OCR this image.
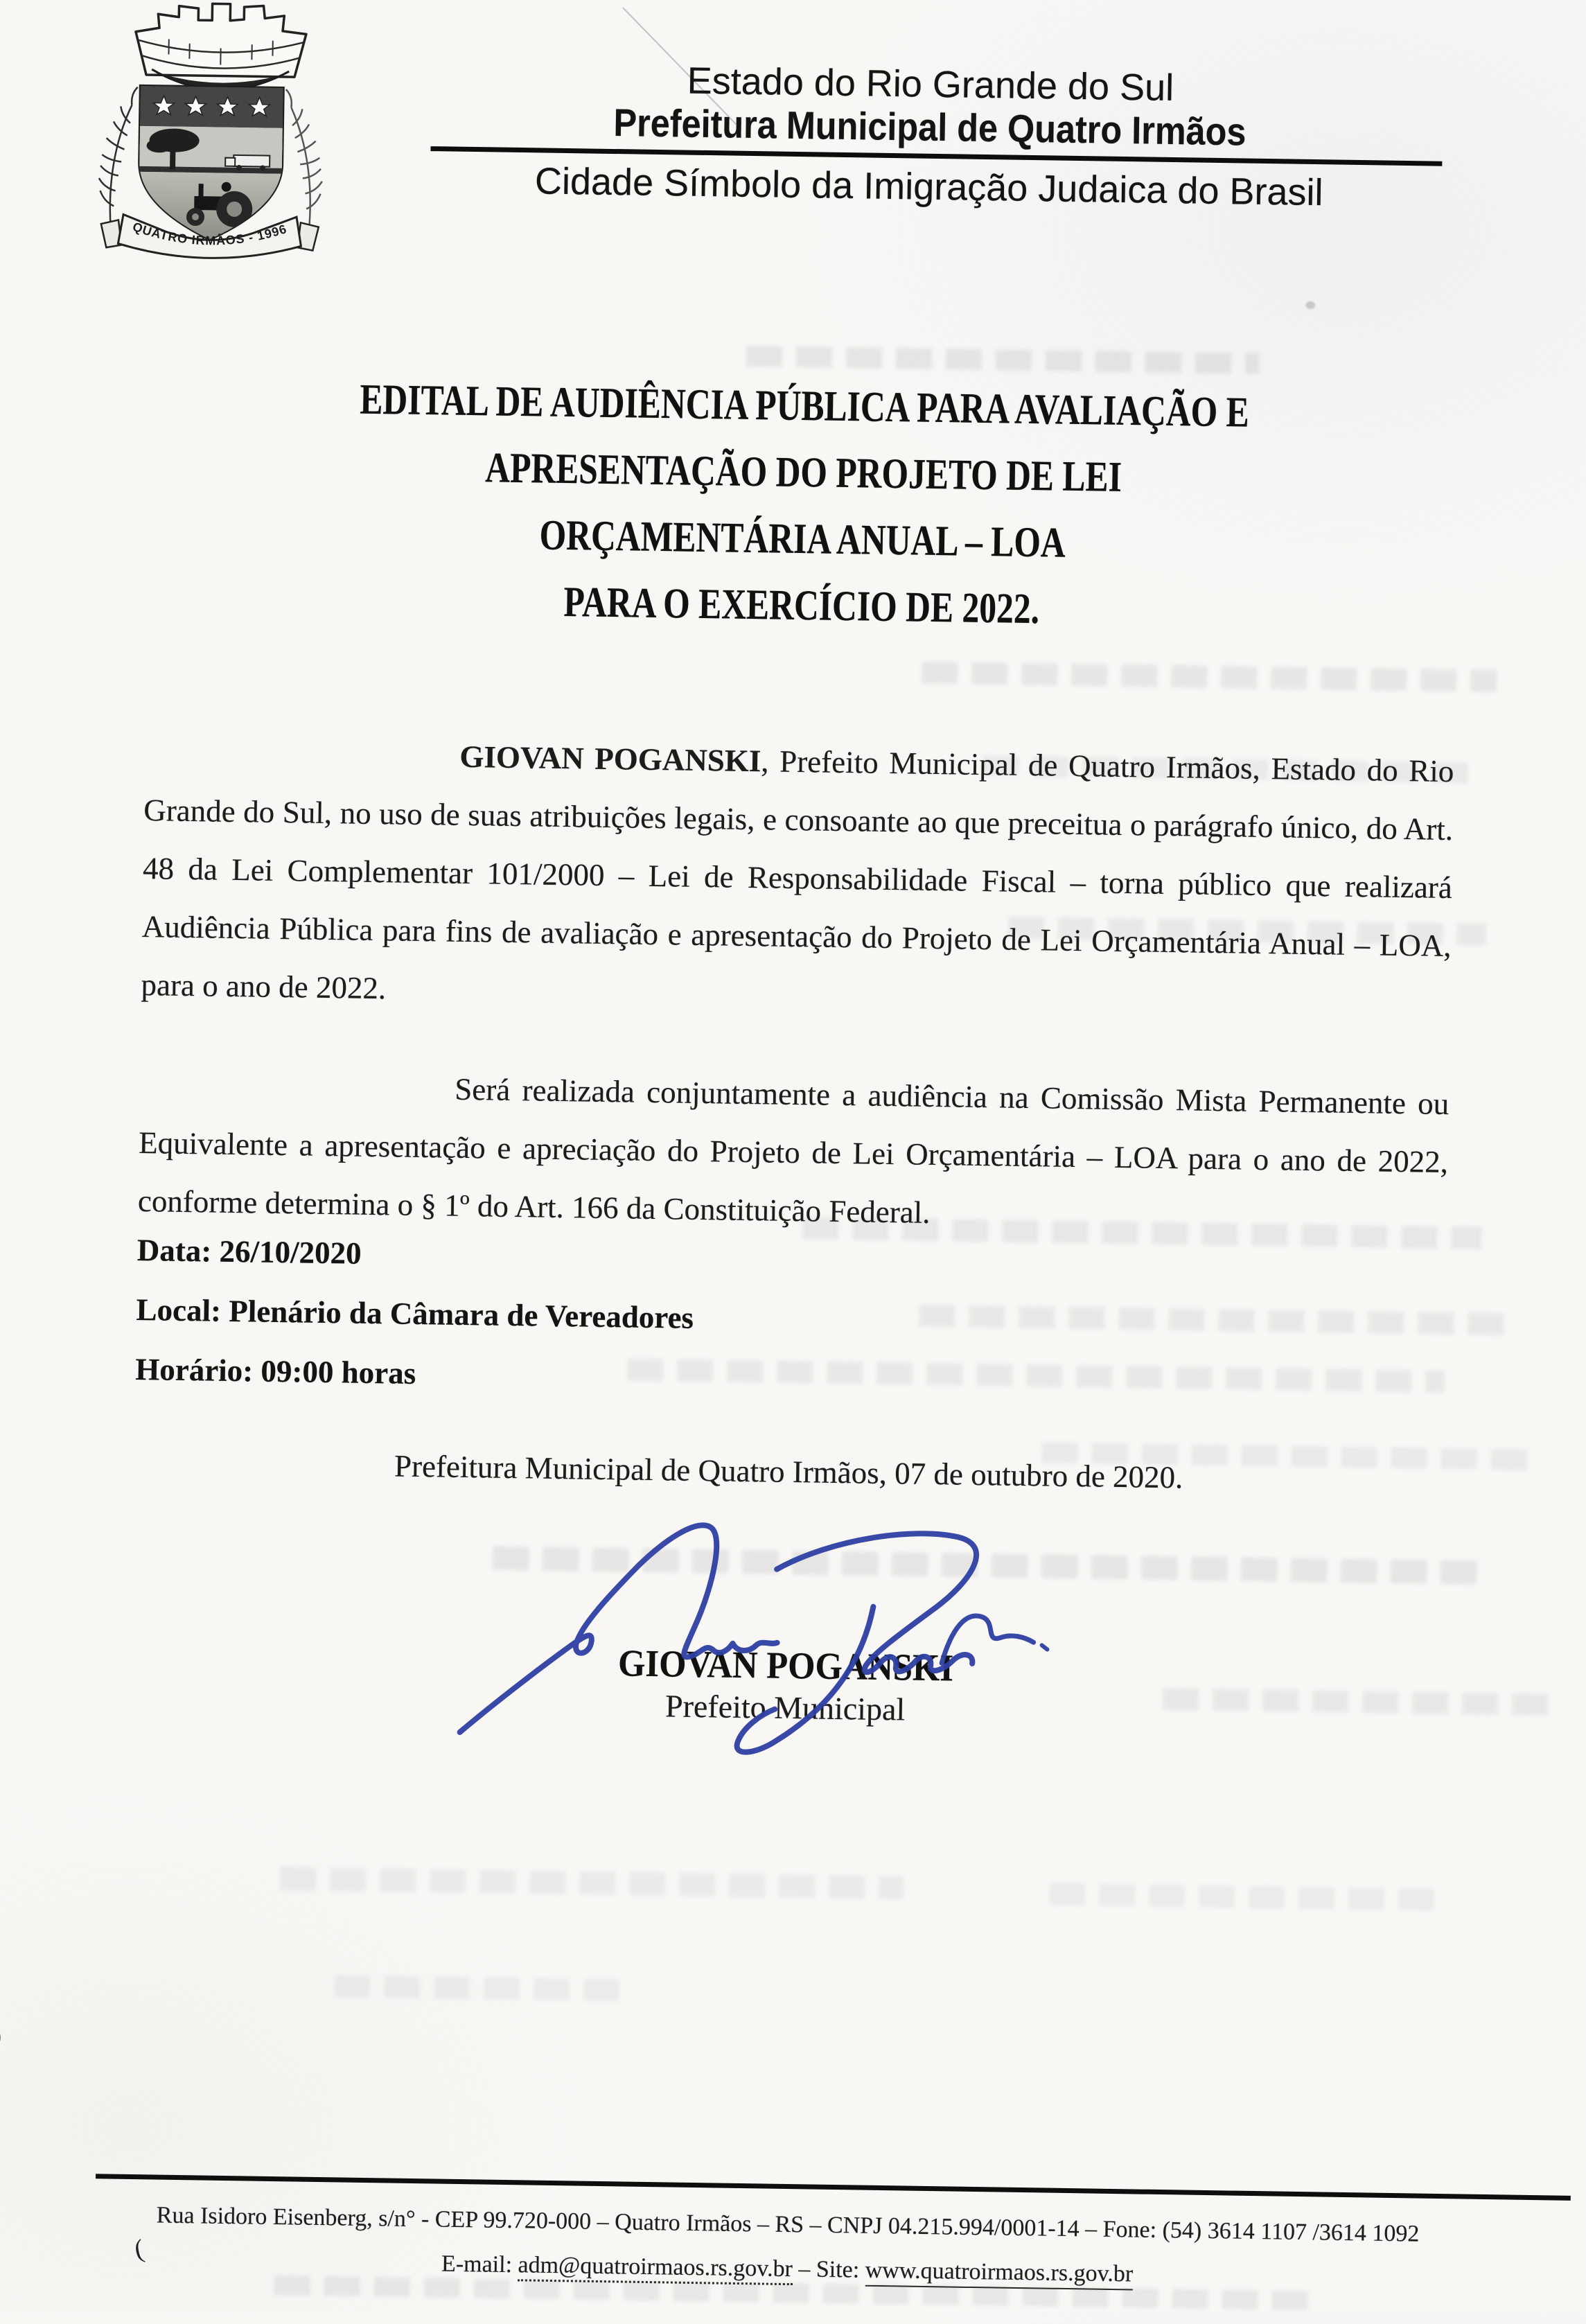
(
QUATRO IRMÃOS - 1996
Estado do Rio Grande do Sul
Prefeitura Municipal de Quatro Irmãos
Cidade Símbolo da Imigração Judaica do Brasil
EDITAL DE AUDIÊNCIA PÚBLICA PARA AVALIAÇÃO E
APRESENTAÇÃO DO PROJETO DE LEI
ORÇAMENTÁRIA ANUAL – LOA
PARA O EXERCÍCIO DE 2022.

GIOVAN POGANSKI, Prefeito Municipal de Quatro Irmãos, Estado do Rio Grande do Sul, no uso de suas atribuições legais, e consoante ao que preceitua o parágrafo único, do Art. 48 da Lei Complementar 101/2000 – Lei de Responsabilidade Fiscal – torna público que realizará Audiência Pública para fins de avaliação e apresentação do Projeto de Lei Orçamentária Anual – LOA, para o ano de 2022.

Será realizada conjuntamente a audiência na Comissão Mista Permanente ou Equivalente a apresentação e apreciação do Projeto de Lei Orçamentária – LOA para o ano de 2022, conforme determina o § 1º do Art. 166 da Constituição Federal.

Data: 26/10/2020
Local: Plenário da Câmara de Vereadores
Horário: 09:00 horas
Prefeitura Municipal de Quatro Irmãos, 07 de outubro de 2020.
GIOVAN POGANSKI
Prefeito Municipal
Rua Isidoro Eisenberg, s/n° - CEP 99.720-000 – Quatro Irmãos – RS – CNPJ 04.215.994/0001-14 – Fone: (54) 3614 1107 /3614 1092
E-mail: adm@quatroirmaos.rs.gov.br – Site: www.quatroirmaos.rs.gov.br
